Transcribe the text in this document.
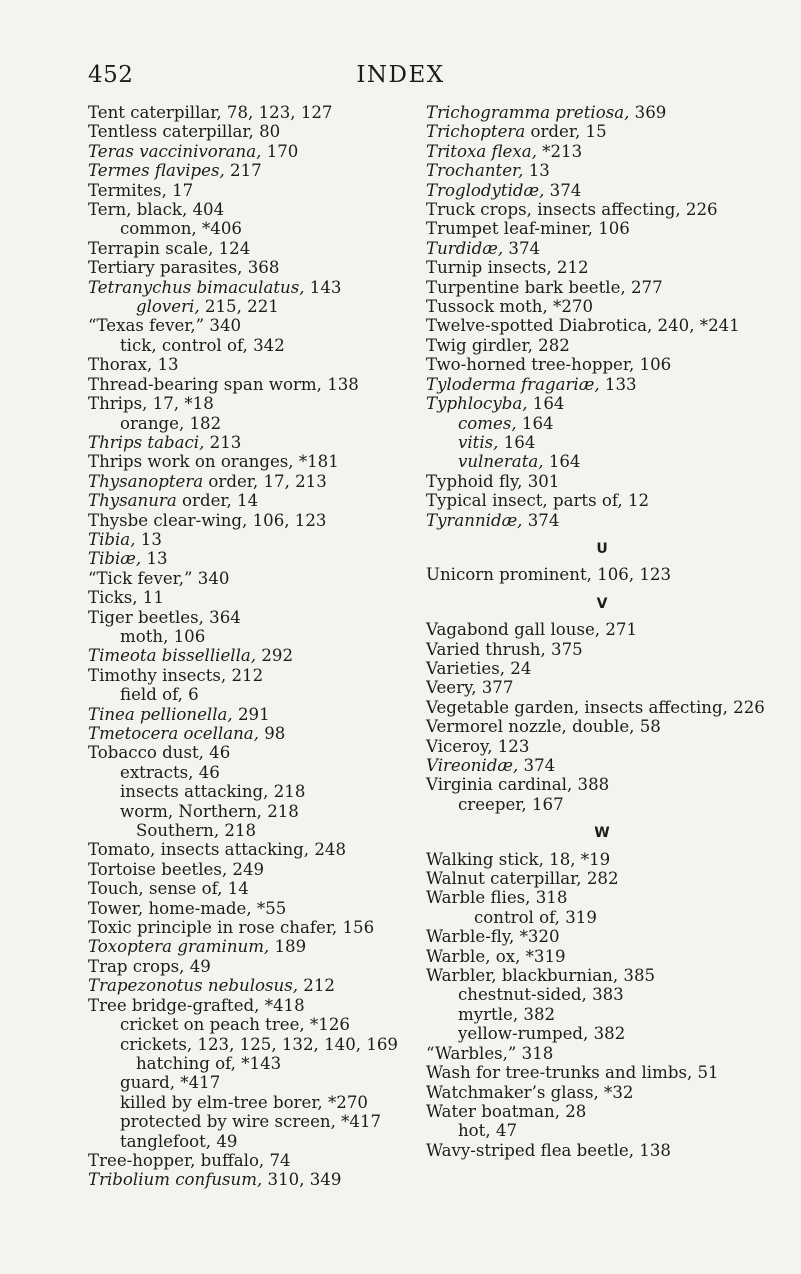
452	INDEX
Tent caterpillar, 78, 123, 127
Tentless caterpillar, 80
Teras vaccinivorana, 170
Termes flavipes, 217
Termites, 17
Tern, black, 404
common, *406
Terrapin scale, 124
Tertiary parasites, 368
Tetranychus bimaculatus, 143
gloveri, 215, 221
“Texas fever,” 340
tick, control of, 342
Thorax, 13
Thread-bearing span worm, 138
Thrips, 17, *18
orange, 182
Thrips tabaci, 213
Thrips work on oranges, *181
Thysanoptera order, 17, 213
Thysanura order, 14
Thysbe clear-wing, 106, 123
Tibia, 13
Tibiæ, 13
“Tick fever,” 340
Ticks, 11
Tiger beetles, 364
moth, 106
Timeota bisselliella, 292
Timothy insects, 212
field of, 6
Tinea pellionella, 291
Tmetocera ocellana, 98
Tobacco dust, 46
extracts, 46
insects attacking, 218
worm, Northern, 218
Southern, 218
Tomato, insects attacking, 248
Tortoise beetles, 249
Touch, sense of, 14
Tower, home-made, *55
Toxic principle in rose chafer, 156
Toxoptera graminum, 189
Trap crops, 49
Trapezonotus nebulosus, 212
Tree bridge-grafted, *418
cricket on peach tree, *126
crickets, 123, 125, 132, 140, 169
hatching of, *143
guard, *417
killed by elm-tree borer, *270
protected by wire screen, *417
tanglefoot, 49
Tree-hopper, buffalo, 74
Tribolium confusum, 310, 349
Trichogramma pretiosa, 369
Trichoptera order, 15
Tritoxa flexa, *213
Trochanter, 13
Troglodytidæ, 374
Truck crops, insects affecting, 226
Trumpet leaf-miner, 106
Turdidæ, 374
Turnip insects, 212
Turpentine bark beetle, 277
Tussock moth, *270
Twelve-spotted Diabrotica, 240, *241
Twig girdler, 282
Two-horned tree-hopper, 106
Tyloderma fragariæ, 133
Typhlocyba, 164
comes, 164
vitis, 164
vulnerata, 164
Typhoid fly, 301
Typical insect, parts of, 12
Tyrannidæ, 374
U
Unicorn prominent, 106, 123
V
Vagabond gall louse, 271
Varied thrush, 375
Varieties, 24
Veery, 377
Vegetable garden, insects affecting, 226
Vermorel nozzle, double, 58
Viceroy, 123
Vireonidæ, 374
Virginia cardinal, 388
creeper, 167
W
Walking stick, 18, *19
Walnut caterpillar, 282
Warble flies, 318
control of, 319
Warble-fly, *320
Warble, ox, *319
Warbler, blackburnian, 385
chestnut-sided, 383
myrtle, 382
yellow-rumped, 382
“Warbles,” 318
Wash for tree-trunks and limbs, 51
Watchmaker’s glass, *32
Water boatman, 28
hot, 47
Wavy-striped flea beetle, 138
